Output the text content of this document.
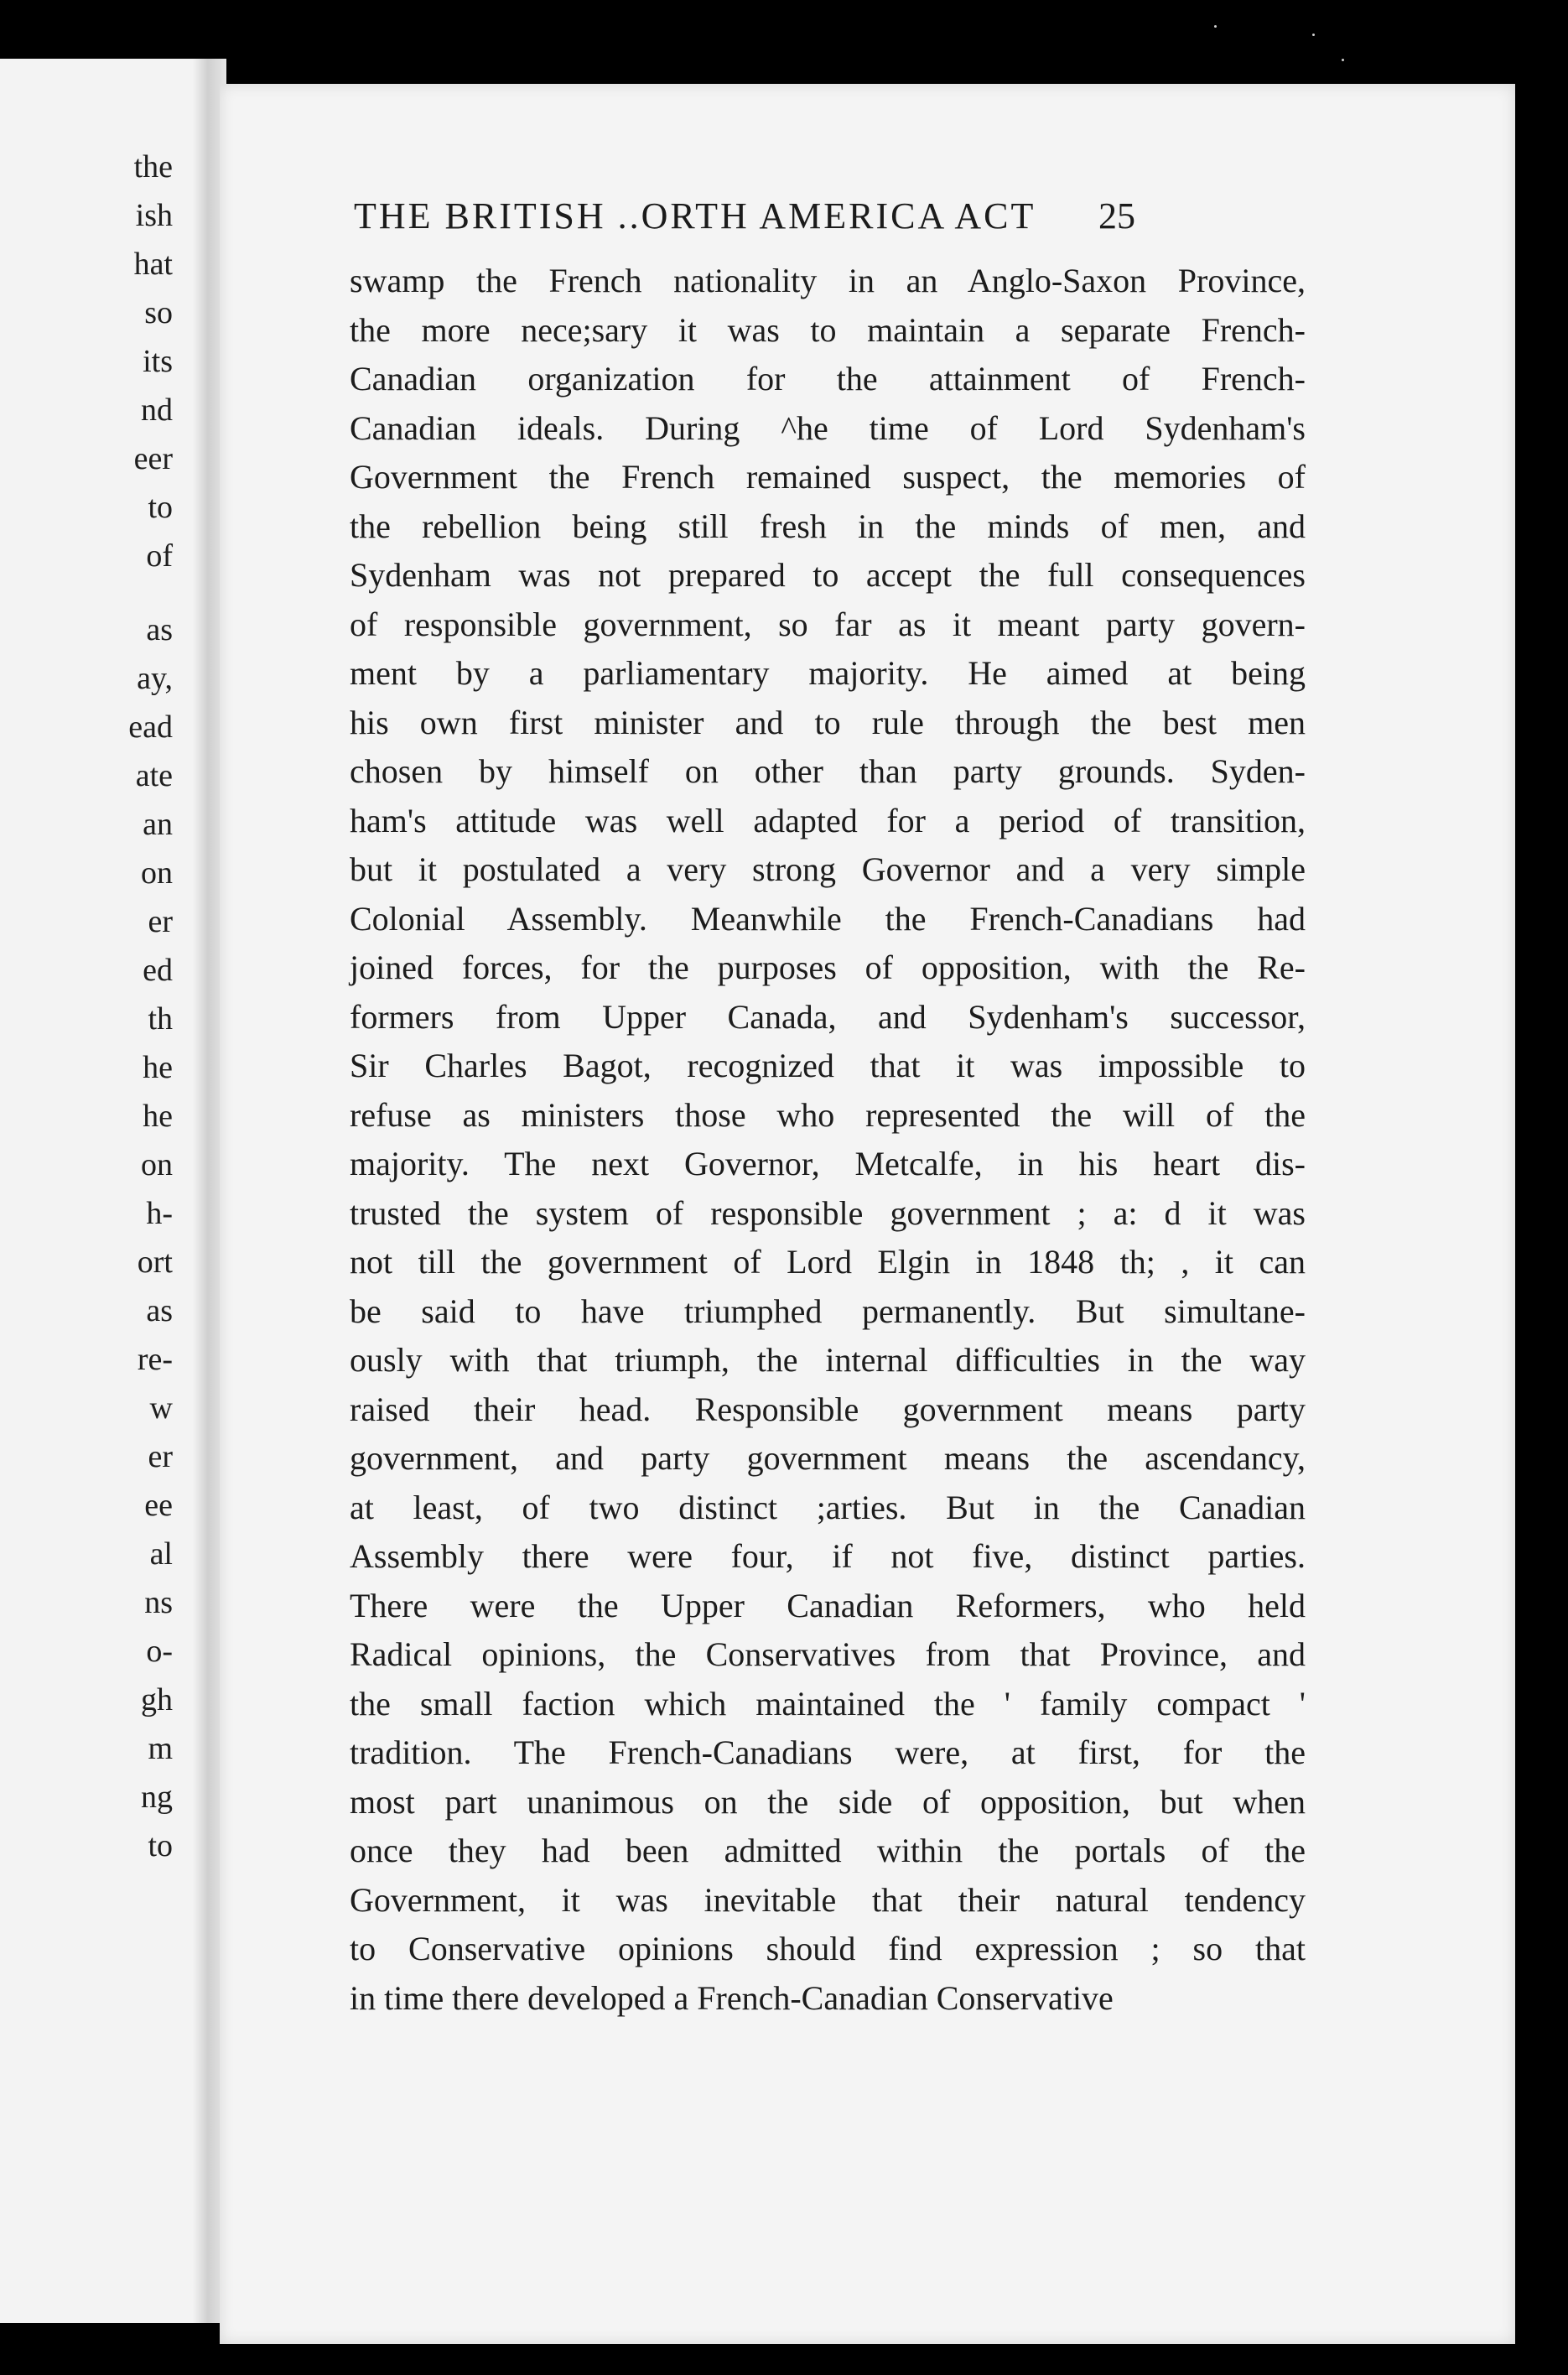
the
ish
hat
so
its
nd
eer
to
of
as
ay,
ead
ate
an
on
er
ed
th
he
he
on
h-
ort
as
re-
w
er
ee
al
ns
o-
gh
m
ng
to
THE BRITISH ..ORTH AMERICA ACT 25
swamp the French nationality in an Anglo-Saxon Province,
the more nece;sary it was to maintain a separate French-
Canadian organization for the attainment of French-
Canadian ideals. During ^he time of Lord Sydenham's
Government the French remained suspect, the memories of
the rebellion being still fresh in the minds of men, and
Sydenham was not prepared to accept the full consequences
of responsible government, so far as it meant party govern-
ment by a parliamentary majority. He aimed at being
his own first minister and to rule through the best men
chosen by himself on other than party grounds. Syden-
ham's attitude was well adapted for a period of transition,
but it postulated a very strong Governor and a very simple
Colonial Assembly. Meanwhile the French-Canadians had
joined forces, for the purposes of opposition, with the Re-
formers from Upper Canada, and Sydenham's successor,
Sir Charles Bagot, recognized that it was impossible to
refuse as ministers those who represented the will of the
majority. The next Governor, Metcalfe, in his heart dis-
trusted the system of responsible government ; a: d it was
not till the government of Lord Elgin in 1848 th; , it can
be said to have triumphed permanently. But simultane-
ously with that triumph, the internal difficulties in the way
raised their head. Responsible government means party
government, and party government means the ascendancy,
at least, of two distinct ;arties. But in the Canadian
Assembly there were four, if not five, distinct parties.
There were the Upper Canadian Reformers, who held
Radical opinions, the Conservatives from that Province, and
the small faction which maintained the ' family compact '
tradition. The French-Canadians were, at first, for the
most part unanimous on the side of opposition, but when
once they had been admitted within the portals of the
Government, it was inevitable that their natural tendency
to Conservative opinions should find expression ; so that
in time there developed a French-Canadian Conservative
